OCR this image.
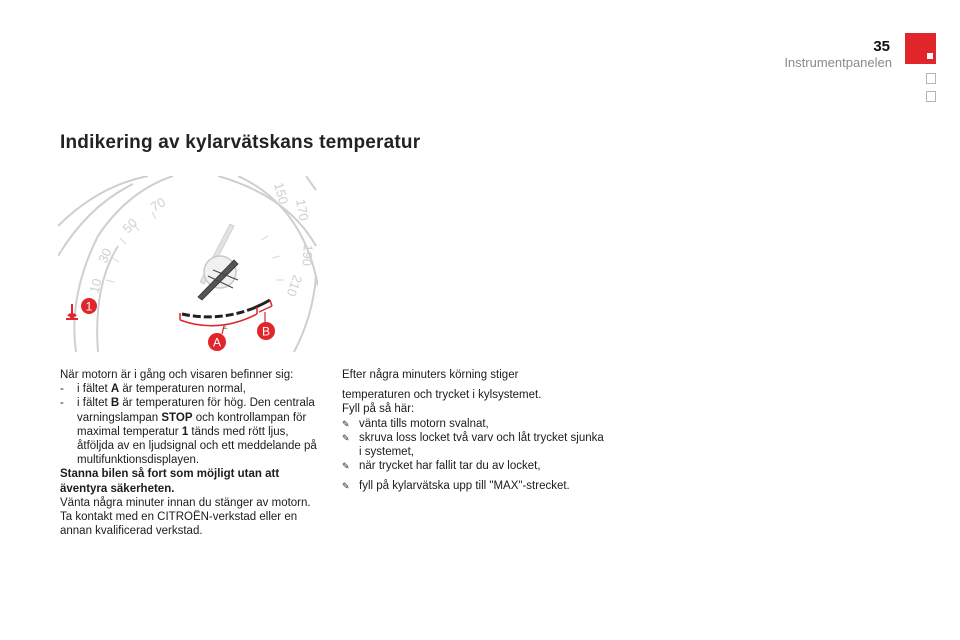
35
Instrumentpanelen
Indikering av kylarvätskans temperatur
10
30
50
70	150
170
190
210
⊥
1
A
B

När motorn är i gång och visaren befinner sig:

-	i fältet A är temperaturen normal,
-	i fältet B är temperaturen för hög. Den centrala varningslampan STOP och kontrollampan för maximal temperatur 1 tänds med rött ljus, åtföljda av en ljudsignal och ett meddelande på multifunktionsdisplayen.

Stanna bilen så fort som möjligt utan att äventyra säkerheten.

Vänta några minuter innan du stänger av motorn.

Ta kontakt med en CITROËN-verkstad eller en annan kvalificerad verkstad.

Efter några minuters körning stiger

temperaturen och trycket i kylsystemet.

Fyll på så här:

✎ vänta tills motorn svalnat,
✎ skruva loss locket två varv och låt trycket sjunka i systemet,
✎ när trycket har fallit tar du av locket,
✎ fyll på kylarvätska upp till "MAX"-strecket.
